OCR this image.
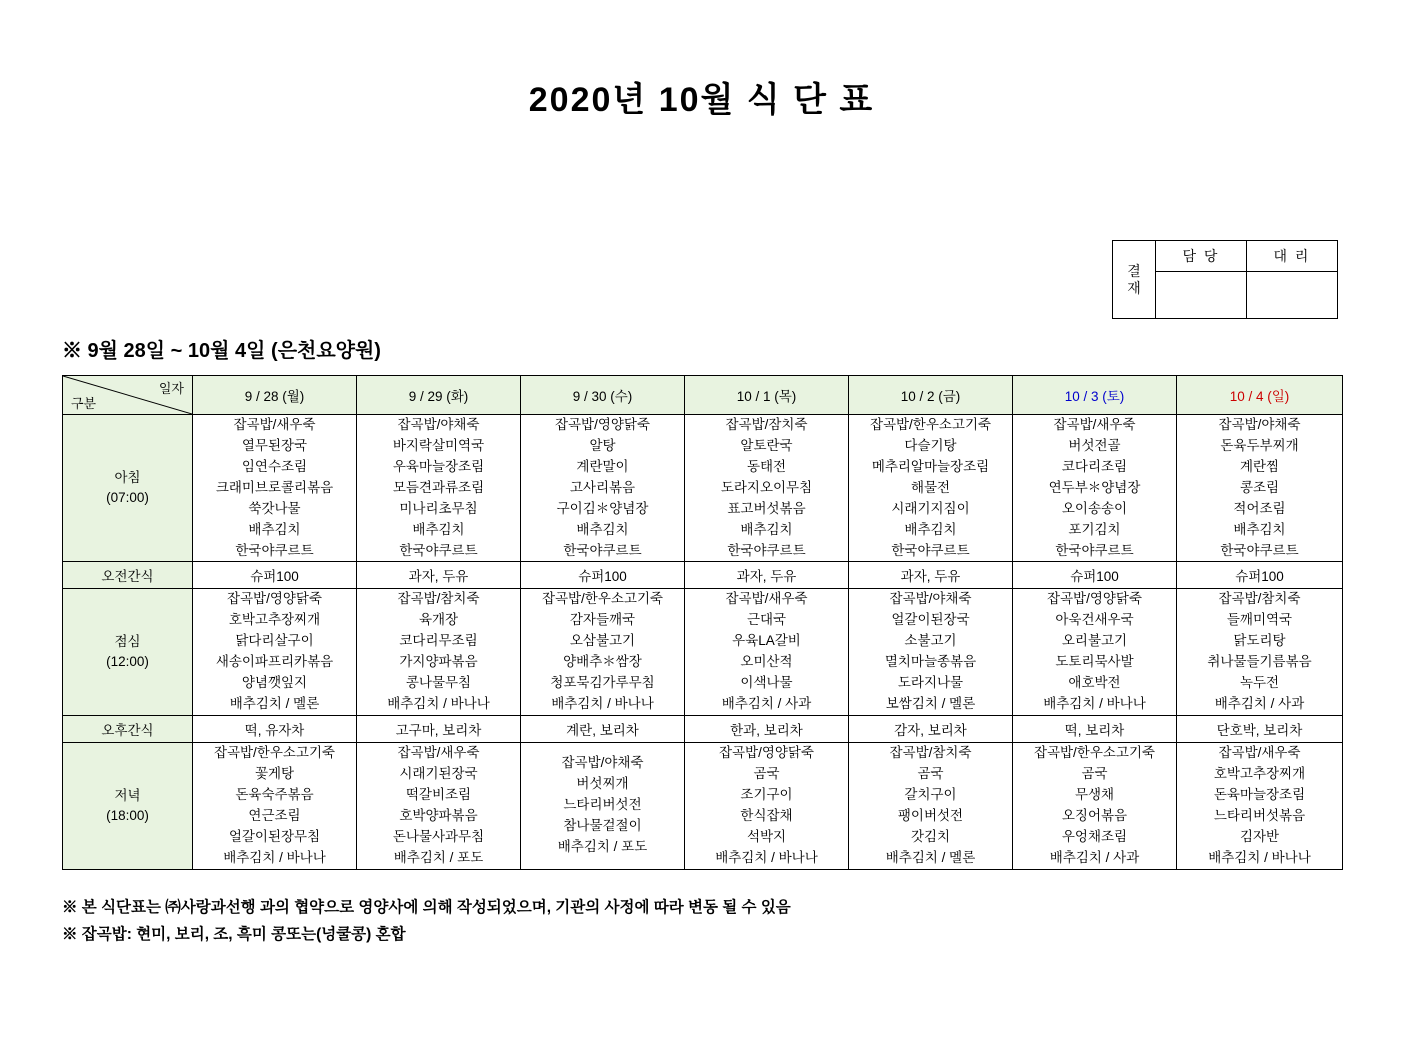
2020년 10월 식 단 표
결
재	담 당	대 리

※ 9월 28일 ~ 10월 4일 (은천요양원)
일자
구분	9 / 28 (월)	9 / 29 (화)	9 / 30 (수)	10 / 1 (목)	10 / 2 (금)	10 / 3 (토)	10 / 4 (일)
아침
(07:00)	
잡곡밥/새우죽
열무된장국
임연수조림
크래미브로콜리볶음
쑥갓나물
배추김치
한국야쿠르트

잡곡밥/야채죽
바지락살미역국
우육마늘장조림
모듬견과류조림
미나리초무침
배추김치
한국야쿠르트

잡곡밥/영양닭죽
알탕
계란말이
고사리볶음
구이김＊양념장
배추김치
한국야쿠르트

잡곡밥/잠치죽
알토란국
동태전
도라지오이무침
표고버섯볶음
배추김치
한국야쿠르트

잡곡밥/한우소고기죽
다슬기탕
메추리알마늘장조림
해물전
시래기지짐이
배추김치
한국야쿠르트

잡곡밥/새우죽
버섯전골
코다리조림
연두부＊양념장
오이송송이
포기김치
한국야쿠르트

잡곡밥/야채죽
돈육두부찌개
계란찜
콩조림
적어조림
배추김치
한국야쿠르트

오전간식	슈퍼100	과자, 두유	슈퍼100	과자, 두유	과자, 두유	슈퍼100	슈퍼100
점심
(12:00)	
잡곡밥/영양닭죽
호박고추장찌개
닭다리살구이
새송이파프리카볶음
양념깻잎지
배추김치 / 멜론

잡곡밥/참치죽
육개장
코다리무조림
가지양파볶음
콩나물무침
배추김치 / 바나나

잡곡밥/한우소고기죽
감자들깨국
오삼불고기
양배추＊쌈장
청포묵김가루무침
배추김치 / 바나나

잡곡밥/새우죽
근대국
우육LA갈비
오미산적
이색나물
배추김치 / 사과

잡곡밥/야채죽
얼갈이된장국
소불고기
멸치마늘종볶음
도라지나물
보쌈김치 / 멜론

잡곡밥/영양닭죽
아욱건새우국
오리불고기
도토리묵사발
애호박전
배추김치 / 바나나

잡곡밥/참치죽
들깨미역국
닭도리탕
취나물들기름볶음
녹두전
배추김치 / 사과

오후간식	떡, 유자차	고구마, 보리차	계란, 보리차	한과, 보리차	감자, 보리차	떡, 보리차	단호박, 보리차
저녁
(18:00)	
잡곡밥/한우소고기죽
꽃게탕
돈육숙주볶음
연근조림
얼갈이된장무침
배추김치 / 바나나

잡곡밥/새우죽
시래기된장국
떡갈비조림
호박양파볶음
돈나물사과무침
배추김치 / 포도

잡곡밥/야채죽
버섯찌개
느타리버섯전
참나물겉절이
배추김치 / 포도

잡곡밥/영양닭죽
곰국
조기구이
한식잡채
석박지
배추김치 / 바나나

잡곡밥/참치죽
곰국
갈치구이
팽이버섯전
갓김치
배추김치 / 멜론

잡곡밥/한우소고기죽
곰국
무생채
오징어볶음
우엉채조림
배추김치 / 사과

잡곡밥/새우죽
호박고추장찌개
돈육마늘장조림
느타리버섯볶음
김자반
배추김치 / 바나나
※ 본 식단표는 ㈜사랑과선행 과의 협약으로 영양사에 의해 작성되었으며, 기관의 사정에 따라 변동 될 수 있음
※ 잡곡밥: 현미, 보리, 조, 흑미 콩또는(넝쿨콩) 혼합
